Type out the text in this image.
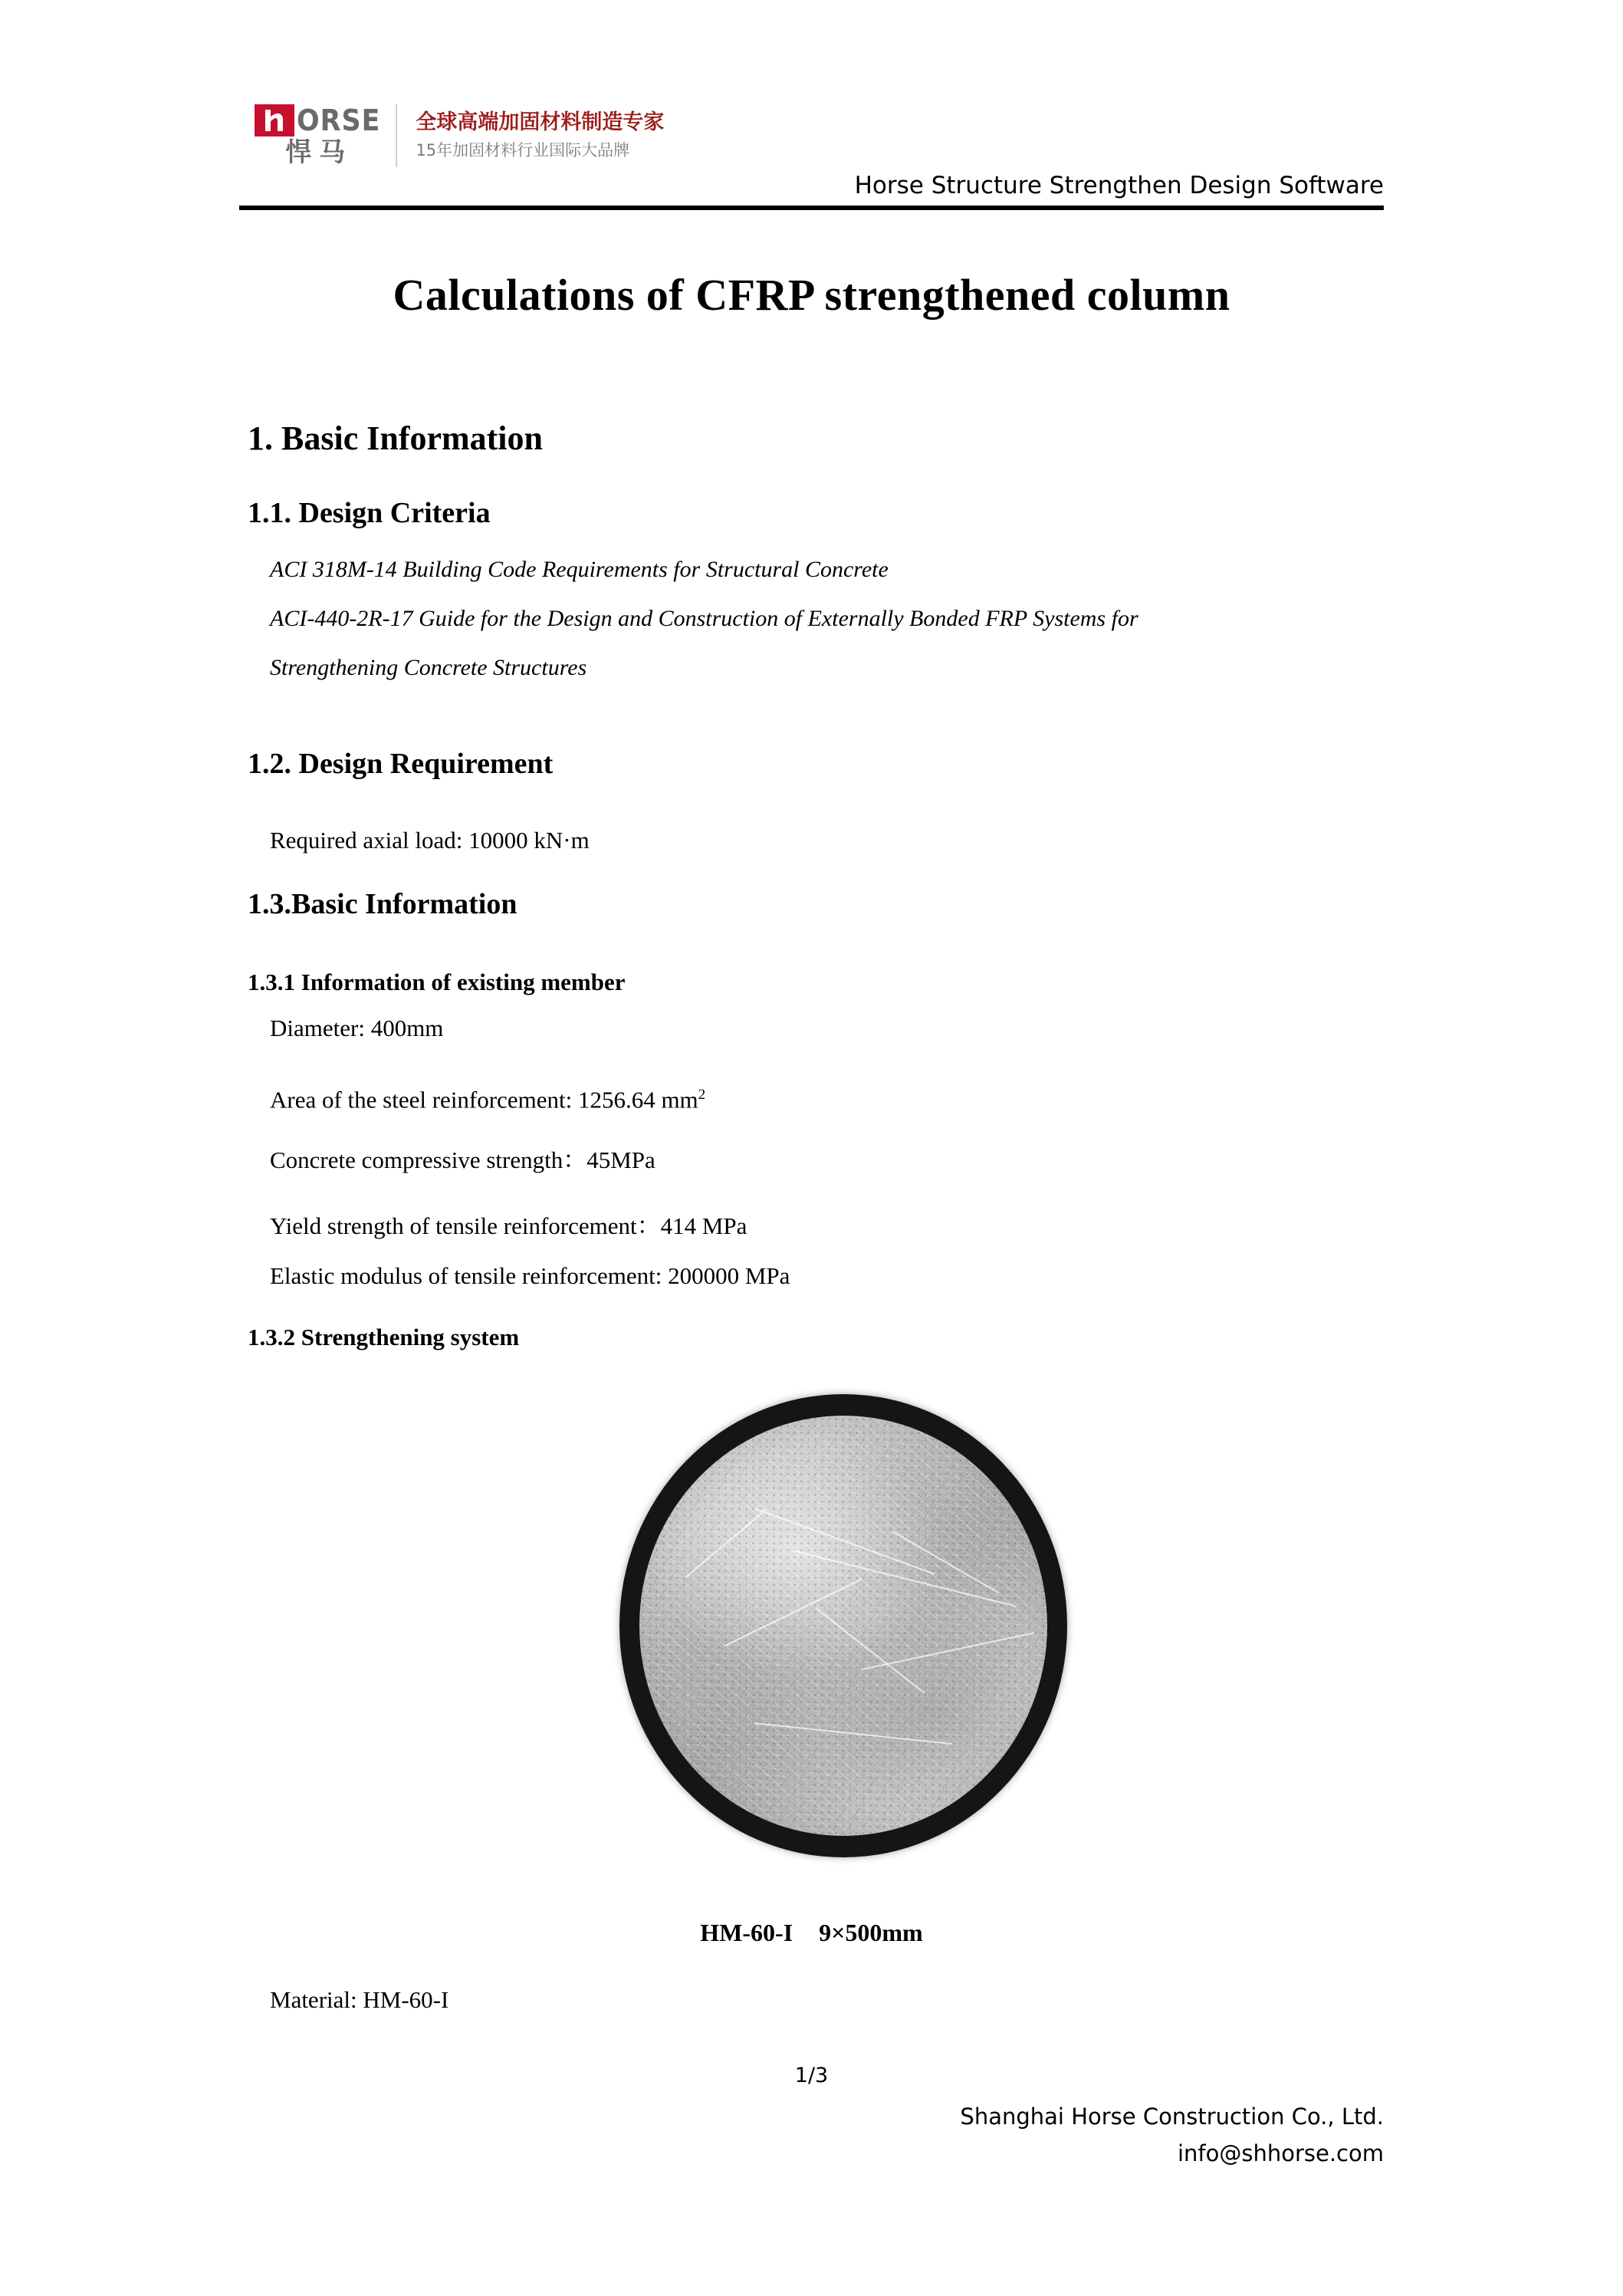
ORSE
悍马
全球高端加固材料制造专家
15年加固材料行业国际大品牌
Horse Structure Strengthen Design Software
Calculations of CFRP strengthened column
1. Basic Information
1.1. Design Criteria
ACI 318M-14 Building Code Requirements for Structural Concrete
ACI-440-2R-17 Guide for the Design and Construction of Externally Bonded FRP Systems for
Strengthening Concrete Structures
1.2. Design Requirement
Required axial load: 10000 kN·m
1.3.Basic Information
1.3.1 Information of existing member
Diameter: 400mm
Area of the steel reinforcement: 1256.64 $mm^2$
Concrete compressive strength：45MPa
Yield strength of tensile reinforcement：414 MPa
Elastic modulus of tensile reinforcement: 200000 MPa
1.3.2 Strengthening system
HM-60-I 9×500mm
Material: HM-60-I
1/3
Shanghai Horse Construction Co., Ltd.
info@shhorse.com
